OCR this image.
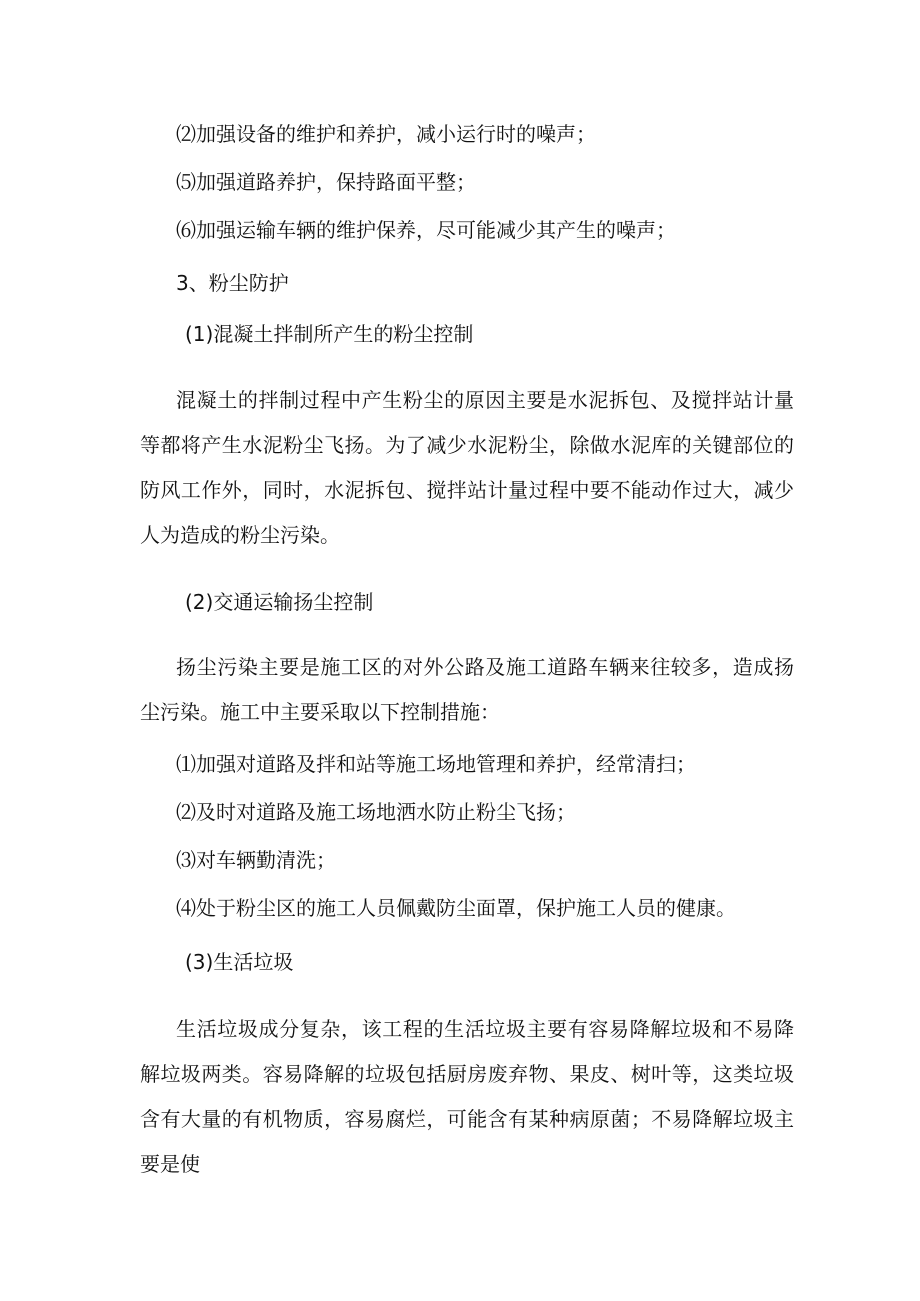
⑵加强设备的维护和养护，减小运行时的噪声；
⑸加强道路养护，保持路面平整；
⑹加强运输车辆的维护保养，尽可能减少其产生的噪声；
3、粉尘防护
(1)混凝土拌制所产生的粉尘控制
混凝土的拌制过程中产生粉尘的原因主要是水泥拆包、及搅拌站计量等都将产生水泥粉尘飞扬。为了减少水泥粉尘，除做水泥库的关键部位的防风工作外，同时，水泥拆包、搅拌站计量过程中要不能动作过大，减少人为造成的粉尘污染。
(2)交通运输扬尘控制
扬尘污染主要是施工区的对外公路及施工道路车辆来往较多，造成扬尘污染。施工中主要采取以下控制措施：
⑴加强对道路及拌和站等施工场地管理和养护，经常清扫；
⑵及时对道路及施工场地洒水防止粉尘飞扬；
⑶对车辆勤清洗；
⑷处于粉尘区的施工人员佩戴防尘面罩，保护施工人员的健康。
(3)生活垃圾
生活垃圾成分复杂，该工程的生活垃圾主要有容易降解垃圾和不易降解垃圾两类。容易降解的垃圾包括厨房废弃物、果皮、树叶等，这类垃圾含有大量的有机物质，容易腐烂，可能含有某种病原菌；不易降解垃圾主要是使
